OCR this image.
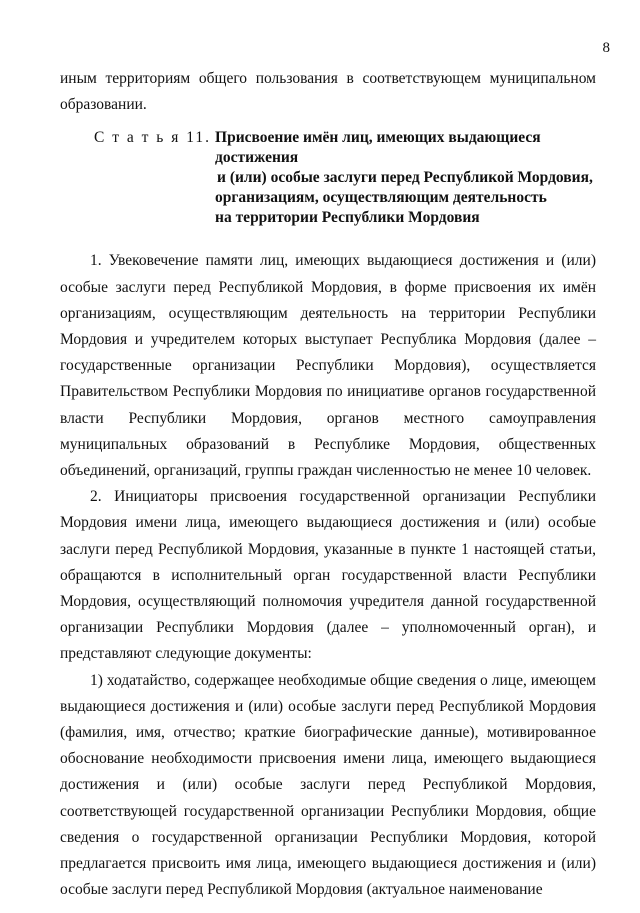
8

иным территориям общего пользования в соответствующем муниципальном образовании.

С т а т ь я 11. Присвоение имён лиц, имеющих выдающиеся достижения
и (или) особые заслуги перед Республикой Мордовия,
организациям, осуществляющим деятельность
на территории Республики Мордовия

1. Увековечение памяти лиц, имеющих выдающиеся достижения и (или) особые заслуги перед Республикой Мордовия, в форме присвоения их имён организациям, осуществляющим деятельность на территории Республики Мордовия и учредителем которых выступает Республика Мордовия (далее – государственные организации Республики Мордовия), осуществляется Правительством Республики Мордовия по инициативе органов государственной власти Республики Мордовия, органов местного самоуправления муниципальных образований в Республике Мордовия, общественных объединений, организаций, группы граждан численностью не менее 10 человек.

2. Инициаторы присвоения государственной организации Республики Мордовия имени лица, имеющего выдающиеся достижения и (или) особые заслуги перед Республикой Мордовия, указанные в пункте 1 настоящей статьи, обращаются в исполнительный орган государственной власти Республики Мордовия, осуществляющий полномочия учредителя данной государственной организации Республики Мордовия (далее – уполномоченный орган), и представляют следующие документы:

1) ходатайство, содержащее необходимые общие сведения о лице, имеющем выдающиеся достижения и (или) особые заслуги перед Республикой Мордовия (фамилия, имя, отчество; краткие биографические данные), мотивированное обоснование необходимости присвоения имени лица, имеющего выдающиеся достижения и (или) особые заслуги перед Республикой Мордовия, соответствующей государственной организации Республики Мордовия, общие сведения о государственной организации Республики Мордовия, которой предлагается присвоить имя лица, имеющего выдающиеся достижения и (или) особые заслуги перед Республикой Мордовия (актуальное наименование
